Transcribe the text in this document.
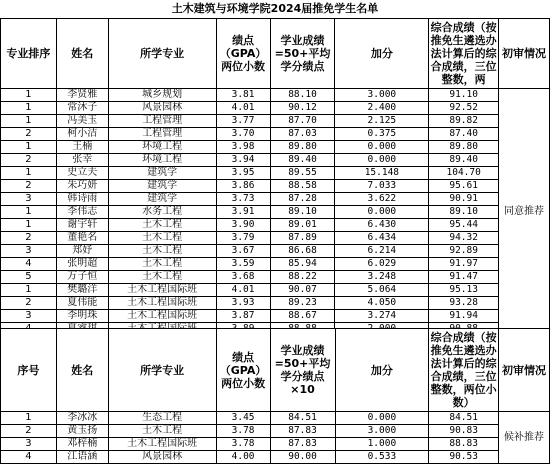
土木建筑与环境学院2024届推免学生名单
专业排序	姓名	所学专业	绩点（GPA）两位小数	学业成绩=50+平均学分绩点	加分	综合成绩（按推免生遴选办法计算后的综合成绩，三位整数，两	初审情况
1	李贤雅	城乡规划	3.81	88.10	3.000	91.10	同意推荐
1	常沐子	风景园林	4.01	90.12	2.400	92.52	
1	冯美玉	工程管理	3.77	87.70	2.125	89.82	
2	柯小洁	工程管理	3.70	87.03	0.375	87.40	
1	王楠	环境工程	3.98	89.80	0.000	89.80	
2	张幸	环境工程	3.94	89.40	0.000	89.40	
1	史立夫	建筑学	3.95	89.55	15.148	104.70	
2	朱巧妍	建筑学	3.86	88.58	7.033	95.61	
3	韩诗雨	建筑学	3.73	87.28	3.622	90.91	
1	李伟志	水务工程	3.91	89.10	0.000	89.10	
1	谢宇轩	土木工程	3.90	89.01	6.430	95.44	
2	董艳名	土木工程	3.79	87.89	6.434	94.32	
3	郑妤	土木工程	3.67	86.68	6.214	92.89	
4	张明超	土木工程	3.59	85.94	6.029	91.97	
5	万子恒	土木工程	3.68	88.22	3.248	91.47	
1	樊璐洋	土木工程国际班	4.01	90.07	5.064	95.13	
2	夏伟能	土木工程国际班	3.93	89.23	4.050	93.28	
3	李明珠	土木工程国际班	3.87	88.67	3.274	91.94	

序号	姓名	所学专业	绩点（GPA）两位小数	学业成绩=50+平均学分绩点×10	加分	综合成绩（按推免生遴选办法计算后的综合成绩，三位整数，两位小数）	初审情况
1	李冰冰	生态工程	3.45	84.51	0.000	84.51	候补推荐
2	黄玉扬	土木工程	3.78	87.83	3.000	90.83	
3	邓梓楠	土木工程国际班	3.78	87.83	1.000	88.83	
4	江语涵	风景园林	4.00	90.00	0.533	90.53	
